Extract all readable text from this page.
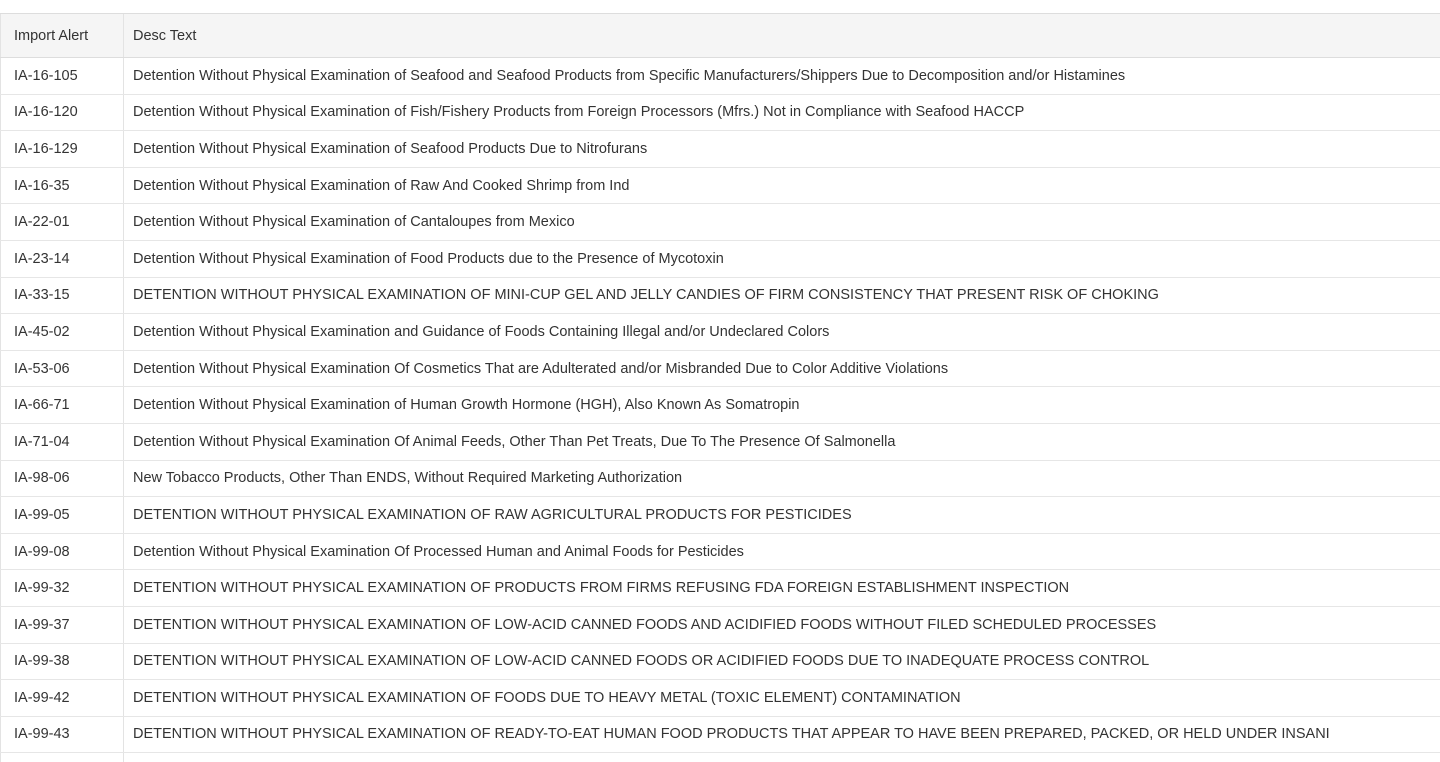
Import Alert	Desc Text
IA-16-105	Detention Without Physical Examination of Seafood and Seafood Products from Specific Manufacturers/Shippers Due to Decomposition and/or Histamines
IA-16-120	Detention Without Physical Examination of Fish/Fishery Products from Foreign Processors (Mfrs.) Not in Compliance with Seafood HACCP
IA-16-129	Detention Without Physical Examination of Seafood Products Due to Nitrofurans
IA-16-35	Detention Without Physical Examination of Raw And Cooked Shrimp from Ind
IA-22-01	Detention Without Physical Examination of Cantaloupes from Mexico
IA-23-14	Detention Without Physical Examination of Food Products due to the Presence of Mycotoxin
IA-33-15	DETENTION WITHOUT PHYSICAL EXAMINATION OF MINI-CUP GEL AND JELLY CANDIES OF FIRM CONSISTENCY THAT PRESENT RISK OF CHOKING
IA-45-02	Detention Without Physical Examination and Guidance of Foods Containing Illegal and/or Undeclared Colors
IA-53-06	Detention Without Physical Examination Of Cosmetics That are Adulterated and/or Misbranded Due to Color Additive Violations
IA-66-71	Detention Without Physical Examination of Human Growth Hormone (HGH), Also Known As Somatropin
IA-71-04	Detention Without Physical Examination Of Animal Feeds, Other Than Pet Treats, Due To The Presence Of Salmonella
IA-98-06	New Tobacco Products, Other Than ENDS, Without Required Marketing Authorization
IA-99-05	DETENTION WITHOUT PHYSICAL EXAMINATION OF RAW AGRICULTURAL PRODUCTS FOR PESTICIDES
IA-99-08	Detention Without Physical Examination Of Processed Human and Animal Foods for Pesticides
IA-99-32	DETENTION WITHOUT PHYSICAL EXAMINATION OF PRODUCTS FROM FIRMS REFUSING FDA FOREIGN ESTABLISHMENT INSPECTION
IA-99-37	DETENTION WITHOUT PHYSICAL EXAMINATION OF LOW-ACID CANNED FOODS AND ACIDIFIED FOODS WITHOUT FILED SCHEDULED PROCESSES
IA-99-38	DETENTION WITHOUT PHYSICAL EXAMINATION OF LOW-ACID CANNED FOODS OR ACIDIFIED FOODS DUE TO INADEQUATE PROCESS CONTROL
IA-99-42	DETENTION WITHOUT PHYSICAL EXAMINATION OF FOODS DUE TO HEAVY METAL (TOXIC ELEMENT) CONTAMINATION
IA-99-43	DETENTION WITHOUT PHYSICAL EXAMINATION OF READY-TO-EAT HUMAN FOOD PRODUCTS THAT APPEAR TO HAVE BEEN PREPARED, PACKED, OR HELD UNDER INSANI
